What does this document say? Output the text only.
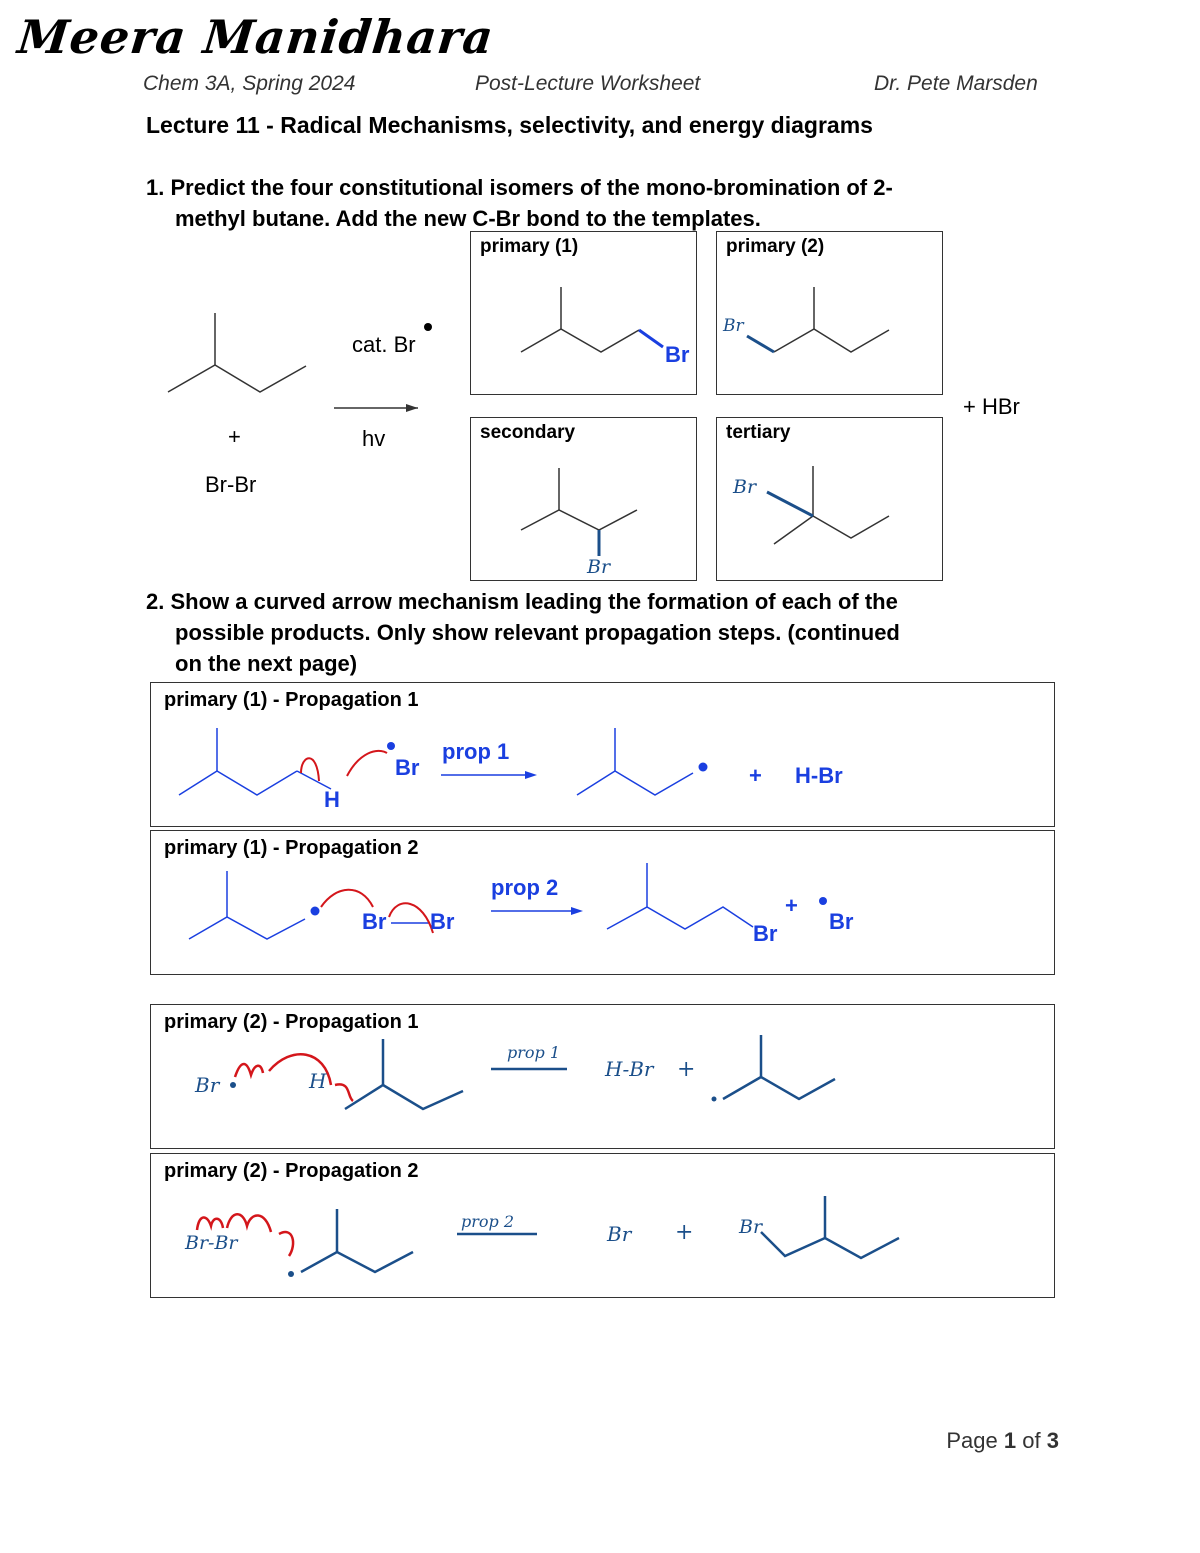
Meera Manidhara
Chem 3A, Spring 2024	Post-Lecture Worksheet	Dr. Pete Marsden
Lecture 11 - Radical Mechanisms, selectivity, and energy diagrams
1. Predict the four constitutional isomers of the mono-bromination of 2-
methyl butane. Add the new C-Br bond to the templates.
+
Br-Br
cat. Br
hv
+ HBr
primary (1)
Br
primary (2)
Br
secondary
Br
tertiary
Br
2. Show a curved arrow mechanism leading the formation of each of the
possible products. Only show relevant propagation steps. (continued
on the next page)
primary (1) - Propagation 1
H
Br
prop 1
+ H-Br
primary (1) - Propagation 2
Br Br
prop 2
Br
+
Br
primary (2) - Propagation 1
Br	H
prop 1
H-Br +
primary (2) - Propagation 2
Br-Br
prop 2
Br + Br
Page 1 of 3
